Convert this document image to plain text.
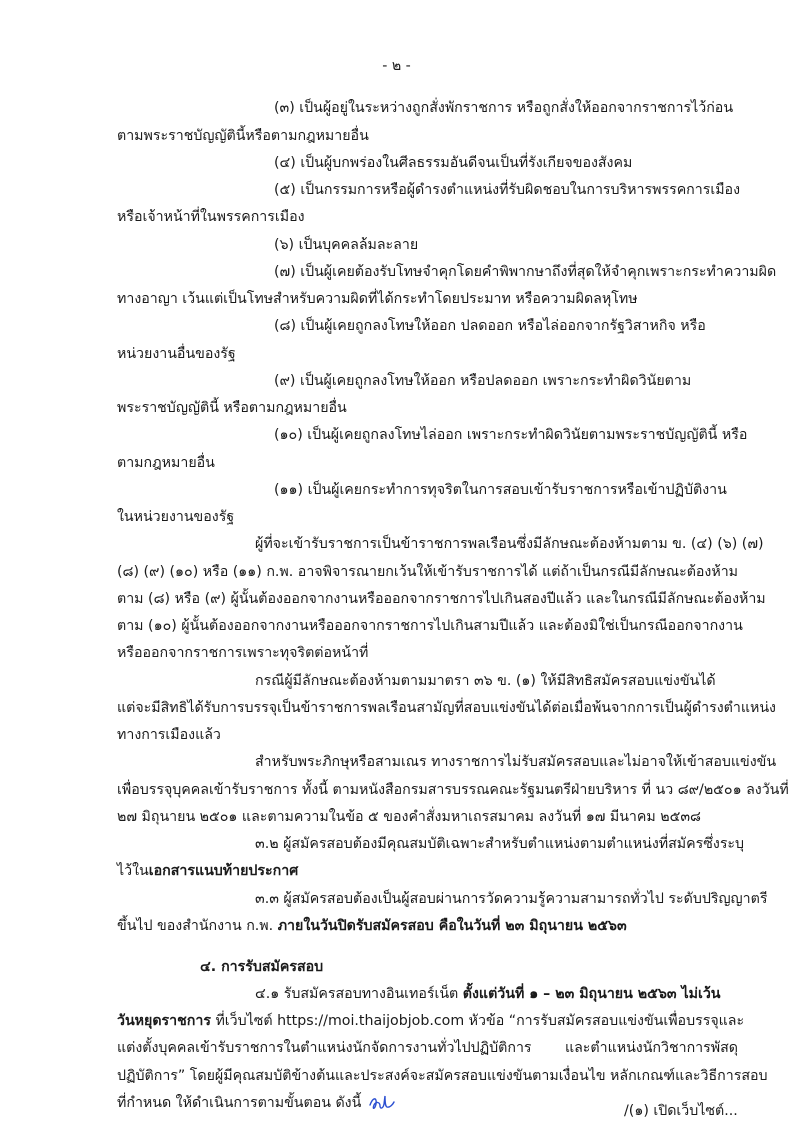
- ๒ -
(๓) เป็นผู้อยู่ในระหว่างถูกสั่งพักราชการ หรือถูกสั่งให้ออกจากราชการไว้ก่อน
ตามพระราชบัญญัตินี้หรือตามกฎหมายอื่น
(๔) เป็นผู้บกพร่องในศีลธรรมอันดีจนเป็นที่รังเกียจของสังคม
(๕) เป็นกรรมการหรือผู้ดำรงตำแหน่งที่รับผิดชอบในการบริหารพรรคการเมือง
หรือเจ้าหน้าที่ในพรรคการเมือง
(๖) เป็นบุคคลล้มละลาย
(๗) เป็นผู้เคยต้องรับโทษจำคุกโดยคำพิพากษาถึงที่สุดให้จำคุกเพราะกระทำความผิด
ทางอาญา เว้นแต่เป็นโทษสำหรับความผิดที่ได้กระทำโดยประมาท หรือความผิดลหุโทษ
(๘) เป็นผู้เคยถูกลงโทษให้ออก ปลดออก หรือไล่ออกจากรัฐวิสาหกิจ หรือ
หน่วยงานอื่นของรัฐ
(๙) เป็นผู้เคยถูกลงโทษให้ออก หรือปลดออก เพราะกระทำผิดวินัยตาม
พระราชบัญญัตินี้ หรือตามกฎหมายอื่น
(๑๐) เป็นผู้เคยถูกลงโทษไล่ออก เพราะกระทำผิดวินัยตามพระราชบัญญัตินี้ หรือ
ตามกฎหมายอื่น
(๑๑) เป็นผู้เคยกระทำการทุจริตในการสอบเข้ารับราชการหรือเข้าปฏิบัติงาน
ในหน่วยงานของรัฐ
ผู้ที่จะเข้ารับราชการเป็นข้าราชการพลเรือนซึ่งมีลักษณะต้องห้ามตาม ข. (๔) (๖) (๗)
(๘) (๙) (๑๐) หรือ (๑๑) ก.พ. อาจพิจารณายกเว้นให้เข้ารับราชการได้ แต่ถ้าเป็นกรณีมีลักษณะต้องห้าม
ตาม (๘) หรือ (๙) ผู้นั้นต้องออกจากงานหรือออกจากราชการไปเกินสองปีแล้ว และในกรณีมีลักษณะต้องห้าม
ตาม (๑๐) ผู้นั้นต้องออกจากงานหรือออกจากราชการไปเกินสามปีแล้ว และต้องมิใช่เป็นกรณีออกจากงาน
หรือออกจากราชการเพราะทุจริตต่อหน้าที่
กรณีผู้มีลักษณะต้องห้ามตามมาตรา ๓๖ ข. (๑) ให้มีสิทธิสมัครสอบแข่งขันได้
แต่จะมีสิทธิได้รับการบรรจุเป็นข้าราชการพลเรือนสามัญที่สอบแข่งขันได้ต่อเมื่อพ้นจากการเป็นผู้ดำรงตำแหน่ง
ทางการเมืองแล้ว
สำหรับพระภิกษุหรือสามเณร ทางราชการไม่รับสมัครสอบและไม่อาจให้เข้าสอบแข่งขัน
เพื่อบรรจุบุคคลเข้ารับราชการ ทั้งนี้ ตามหนังสือกรมสารบรรณคณะรัฐมนตรีฝ่ายบริหาร ที่ นว ๘๙/๒๕๐๑ ลงวันที่
๒๗ มิถุนายน ๒๕๐๑ และตามความในข้อ ๕ ของคำสั่งมหาเถรสมาคม ลงวันที่ ๑๗ มีนาคม ๒๕๓๘
๓.๒ ผู้สมัครสอบต้องมีคุณสมบัติเฉพาะสำหรับตำแหน่งตามตำแหน่งที่สมัครซึ่งระบุ
ไว้ในเอกสารแนบท้ายประกาศ
๓.๓ ผู้สมัครสอบต้องเป็นผู้สอบผ่านการวัดความรู้ความสามารถทั่วไป ระดับปริญญาตรี
ขึ้นไป ของสำนักงาน ก.พ. ภายในวันปิดรับสมัครสอบ คือในวันที่ ๒๓ มิถุนายน ๒๕๖๓
๔. การรับสมัครสอบ
๔.๑ รับสมัครสอบทางอินเทอร์เน็ต ตั้งแต่วันที่ ๑ – ๒๓ มิถุนายน ๒๕๖๓ ไม่เว้น
วันหยุดราชการ ที่เว็บไซต์ https://moi.thaijobjob.com หัวข้อ “การรับสมัครสอบแข่งขันเพื่อบรรจุและ
แต่งตั้งบุคคลเข้ารับราชการในตำแหน่งนักจัดการงานทั่วไปปฏิบัติการ และตำแหน่งนักวิชาการพัสดุ
ปฏิบัติการ” โดยผู้มีคุณสมบัติข้างต้นและประสงค์จะสมัครสอบแข่งขันตามเงื่อนไข หลักเกณฑ์และวิธีการสอบ
ที่กำหนด ให้ดำเนินการตามขั้นตอน ดังนี้	/(๑) เปิดเว็บไซต์...
